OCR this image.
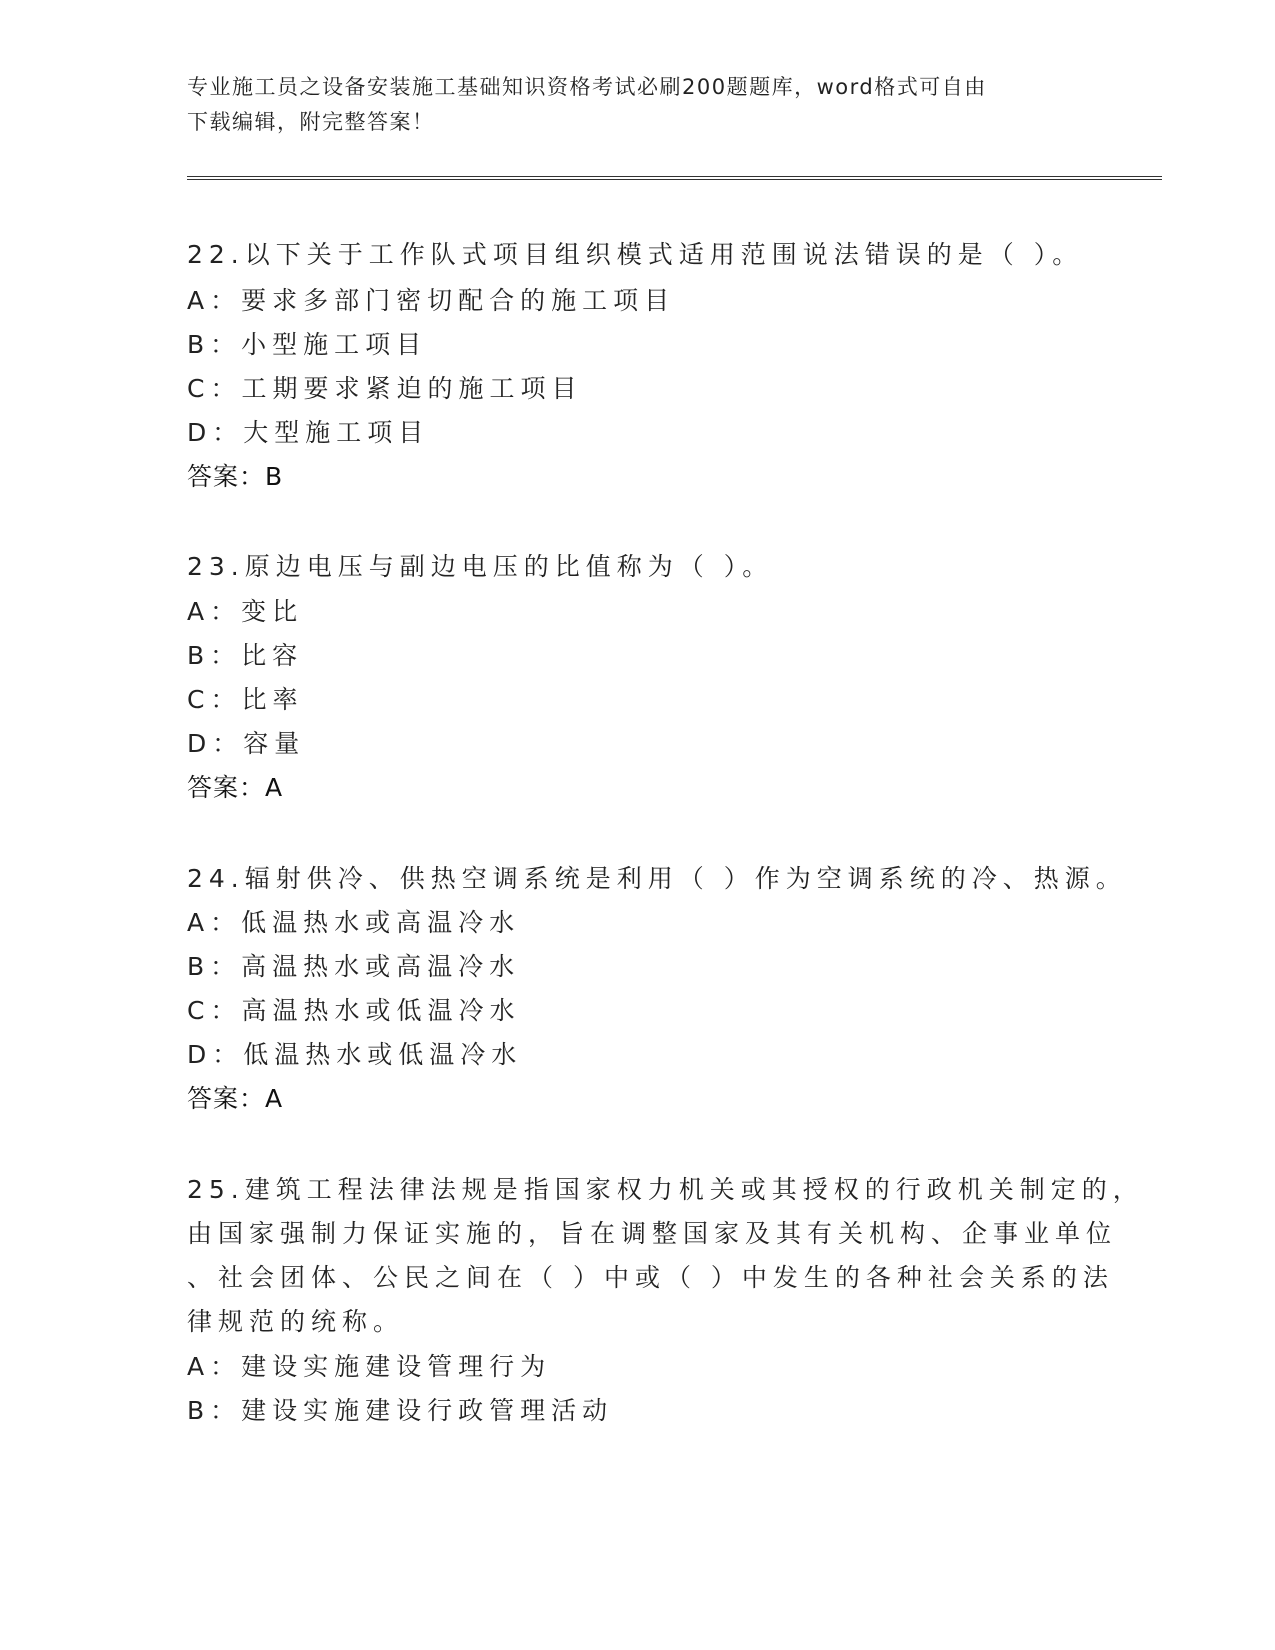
专业施工员之设备安装施工基础知识资格考试必刷200题题库，word格式可自由
下载编辑，附完整答案！
22.以下关于工作队式项目组织模式适用范围说法错误的是（ ）。
A：要求多部门密切配合的施工项目
B：小型施工项目
C：工期要求紧迫的施工项目
D：大型施工项目
答案：B
23.原边电压与副边电压的比值称为（ ）。
A：变比
B：比容
C：比率
D：容量
答案：A
24.辐射供冷、供热空调系统是利用（ ）作为空调系统的冷、热源。
A：低温热水或高温冷水
B：高温热水或高温冷水
C：高温热水或低温冷水
D：低温热水或低温冷水
答案：A
25.建筑工程法律法规是指国家权力机关或其授权的行政机关制定的，
由国家强制力保证实施的，旨在调整国家及其有关机构、企事业单位
、社会团体、公民之间在（ ）中或（ ）中发生的各种社会关系的法
律规范的统称。
A：建设实施建设管理行为
B：建设实施建设行政管理活动
